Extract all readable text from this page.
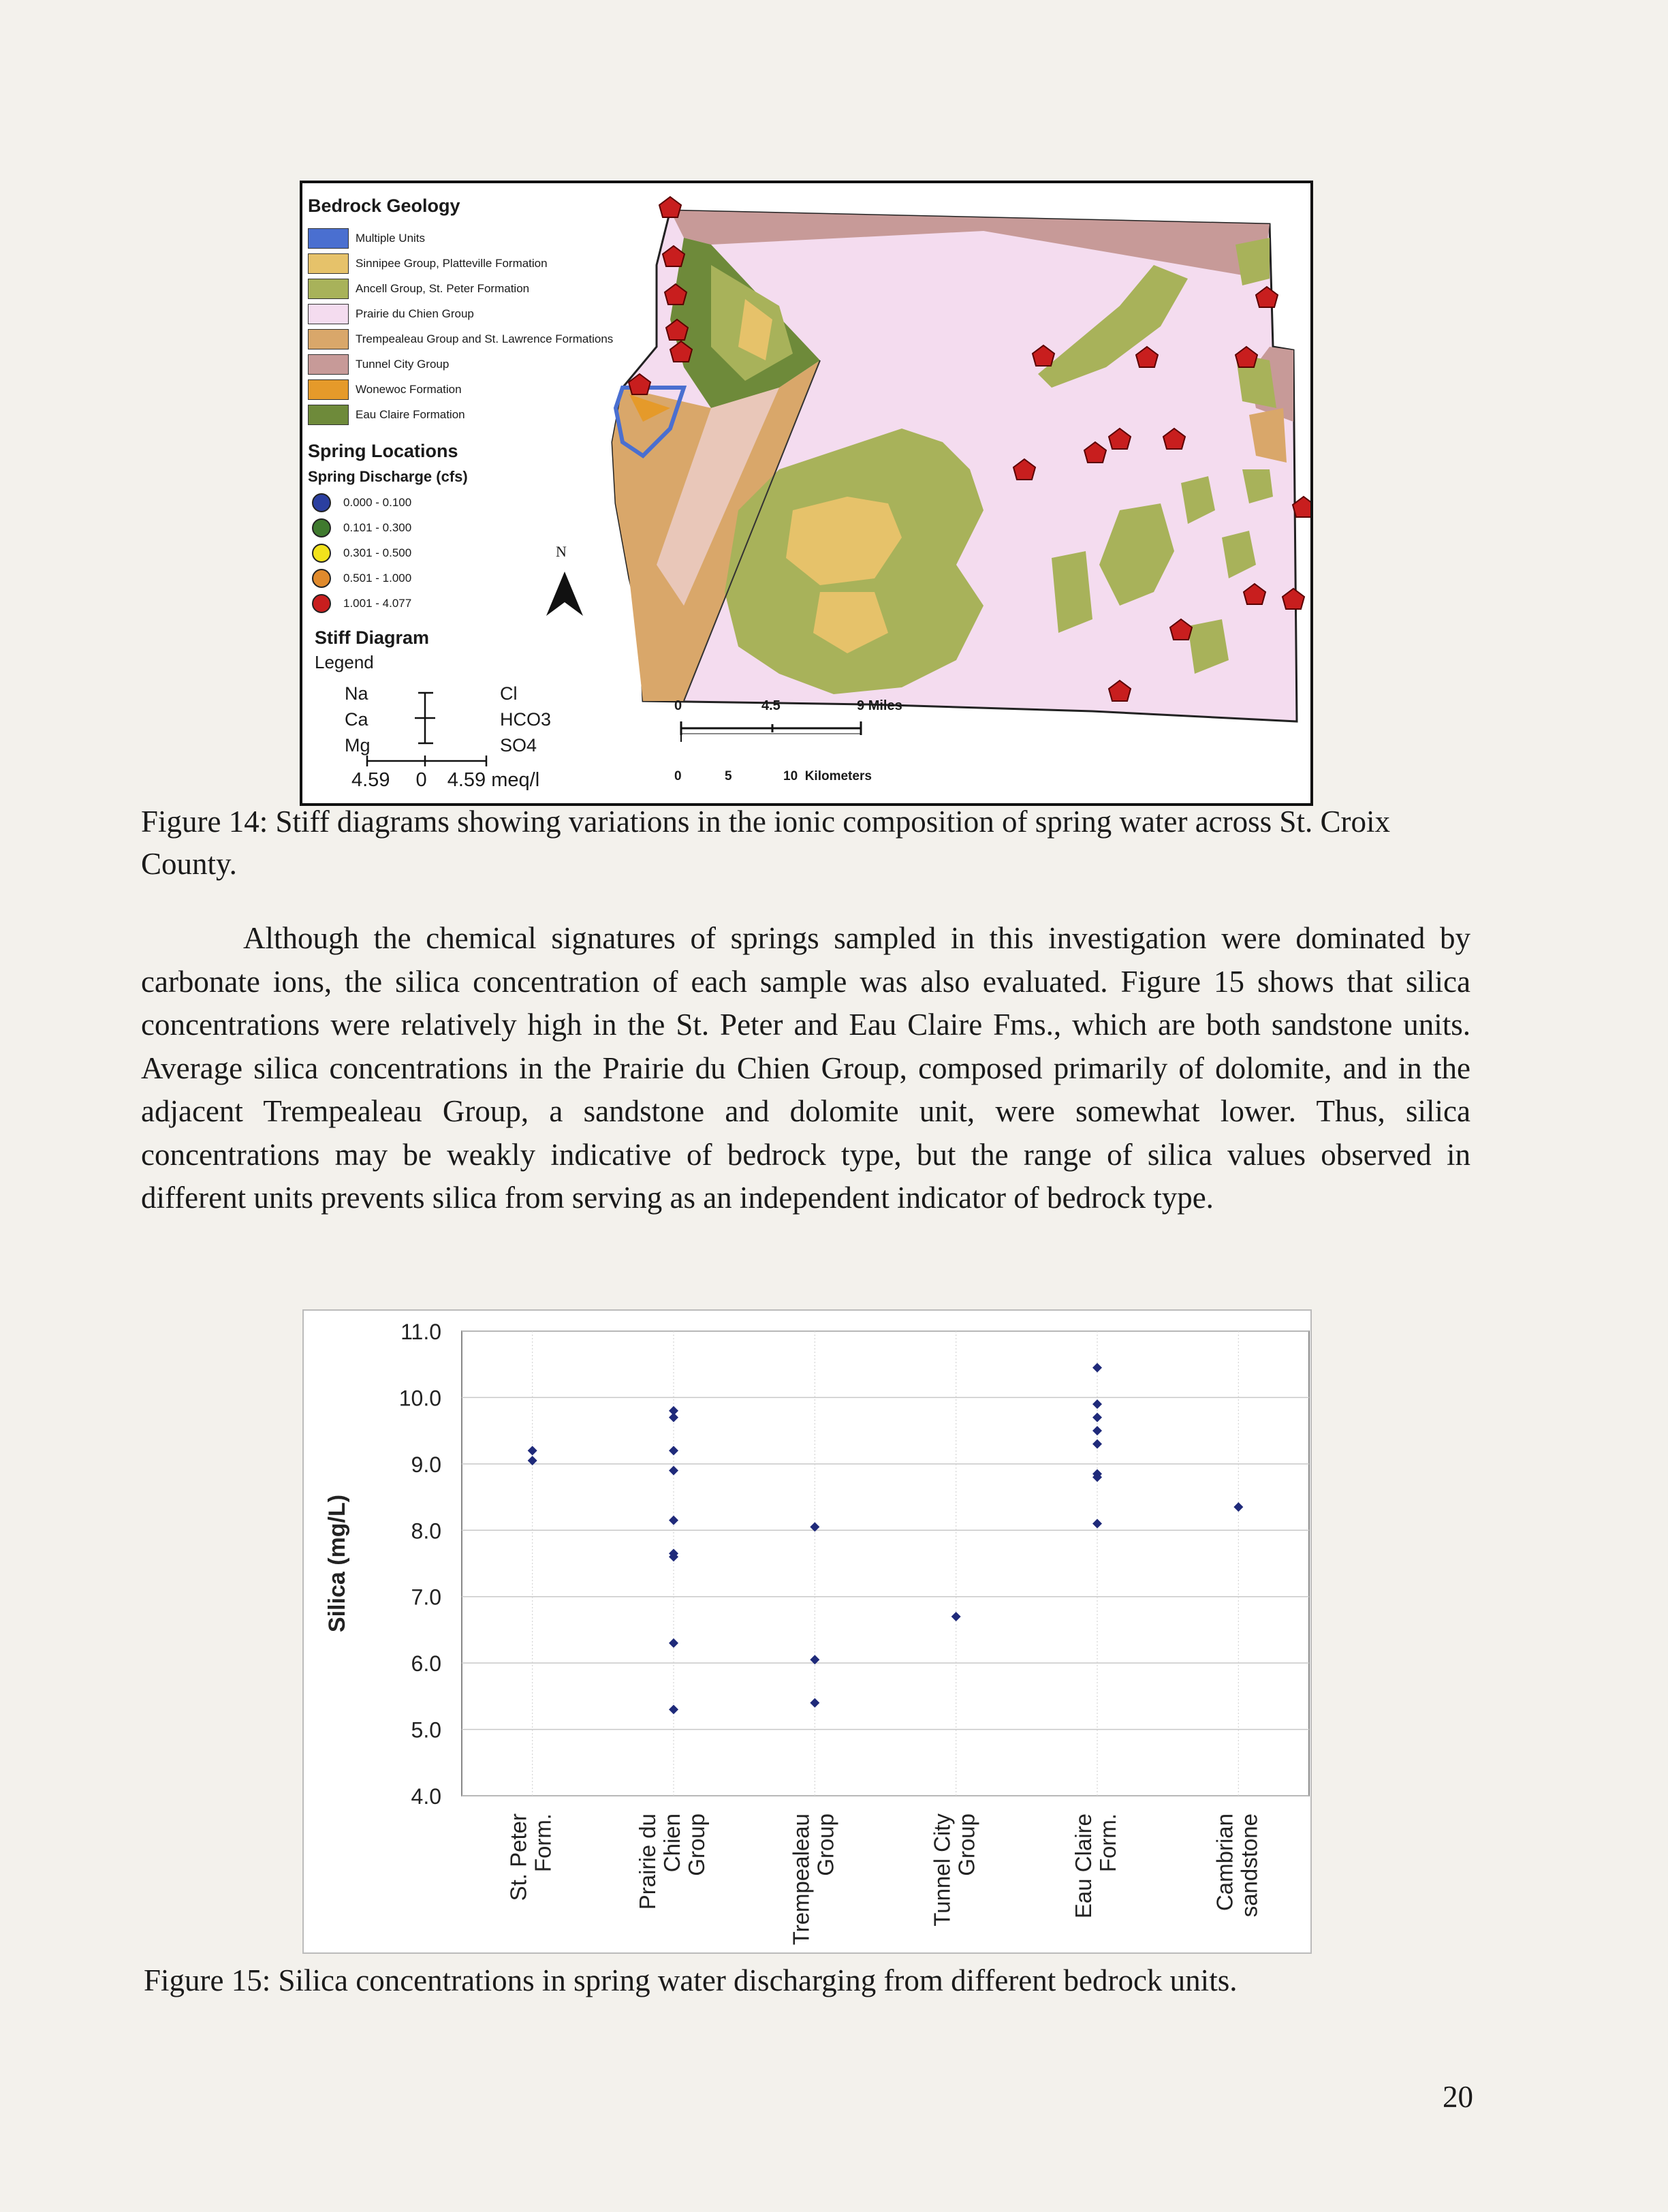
Bedrock Geology
Multiple Units
Sinnipee Group, Platteville Formation
Ancell Group, St. Peter Formation
Prairie du Chien Group
Trempealeau Group and St. Lawrence Formations
Tunnel City Group
Wonewoc Formation
Eau Claire Formation
Spring Locations
Spring Discharge (cfs)
0.000 - 0.100
0.101 - 0.300
0.301 - 0.500
0.501 - 1.000
1.001 - 4.077
Stiff Diagram
Legend
Na
Ca
Mg
Cl
HCO3
SO4
4.59 0 4.59 meq/l
N
0	4.5	9 Miles
0	5	10 Kilometers
Figure 14: Stiff diagrams showing variations in the ionic composition of spring water across St. Croix County.

Although the chemical signatures of springs sampled in this investigation were dominated by carbonate ions, the silica concentration of each sample was also evaluated. Figure 15 shows that silica concentrations were relatively high in the St. Peter and Eau Claire Fms., which are both sandstone units. Average silica concentrations in the Prairie du Chien Group, composed primarily of dolomite, and in the adjacent Trempealeau Group, a sandstone and dolomite unit, were somewhat lower. Thus, silica concentrations may be weakly indicative of bedrock type, but the range of silica values observed in different units prevents silica from serving as an independent indicator of bedrock type.

4.0
5.0
6.0
7.0
8.0
9.0
10.0
11.0
Silica (mg/L)
St. Peter Form.	Prairie du Chien Group	Trempealeau Group	Tunnel City Group	Eau Claire Form.	Cambrian sandstone
Figure 15: Silica concentrations in spring water discharging from different bedrock units.
20
